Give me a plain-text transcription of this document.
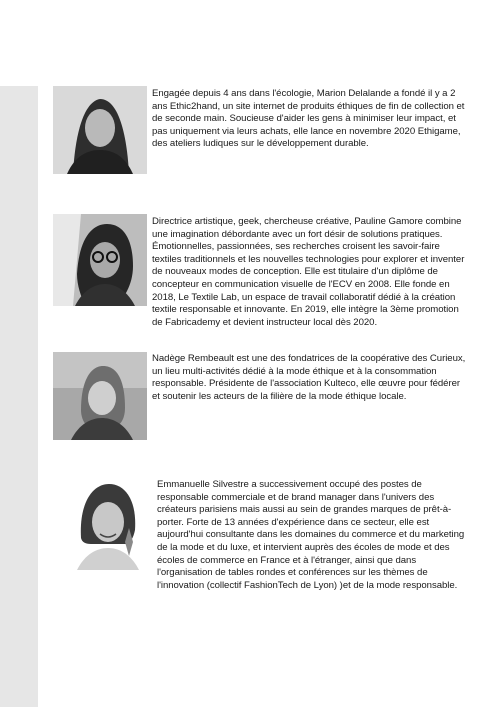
Engagée depuis 4 ans dans l'écologie, Marion Delalande a fondé il y a 2 ans Ethic2hand, un site internet de produits éthiques de fin de collection et de seconde main. Soucieuse d'aider les gens à minimiser leur impact, et pas uniquement via leurs achats, elle lance en novembre 2020 Ethigame, des ateliers ludiques sur le développement durable.

Directrice artistique, geek, chercheuse créative, Pauline Gamore combine une imagination débordante avec un fort désir de solutions pratiques. Émotionnelles, passionnées, ses recherches croisent les savoir-faire textiles traditionnels et les nouvelles technologies pour explorer et inventer de nouveaux modes de conception. Elle est titulaire d'un diplôme de concepteur en communication visuelle de l'ECV en 2008. Elle fonde en 2018, Le Textile Lab, un espace de travail collaboratif dédié à la création textile responsable et innovante. En 2019, elle intègre la 3ème promotion de Fabricademy et devient instructeur local dès 2020.

Nadège Rembeault est une des fondatrices de la coopérative des Curieux, un lieu multi-activités dédié à la mode éthique et à la consommation responsable. Présidente de l'association Kulteco, elle œuvre pour fédérer et soutenir les acteurs de la filière de la mode éthique locale.

Emmanuelle Silvestre a successivement occupé des postes de responsable commerciale et de brand manager dans l'univers des créateurs parisiens mais aussi au sein de grandes marques de prêt-à-porter. Forte de 13 années d'expérience dans ce secteur, elle est aujourd'hui consultante dans les domaines du commerce et du marketing de la mode et du luxe, et intervient auprès des écoles de mode et des écoles de commerce en France et à l'étranger, ainsi que dans l'organisation de tables rondes et conférences sur les thèmes de l'innovation (collectif FashionTech de Lyon) )et de la mode responsable.
